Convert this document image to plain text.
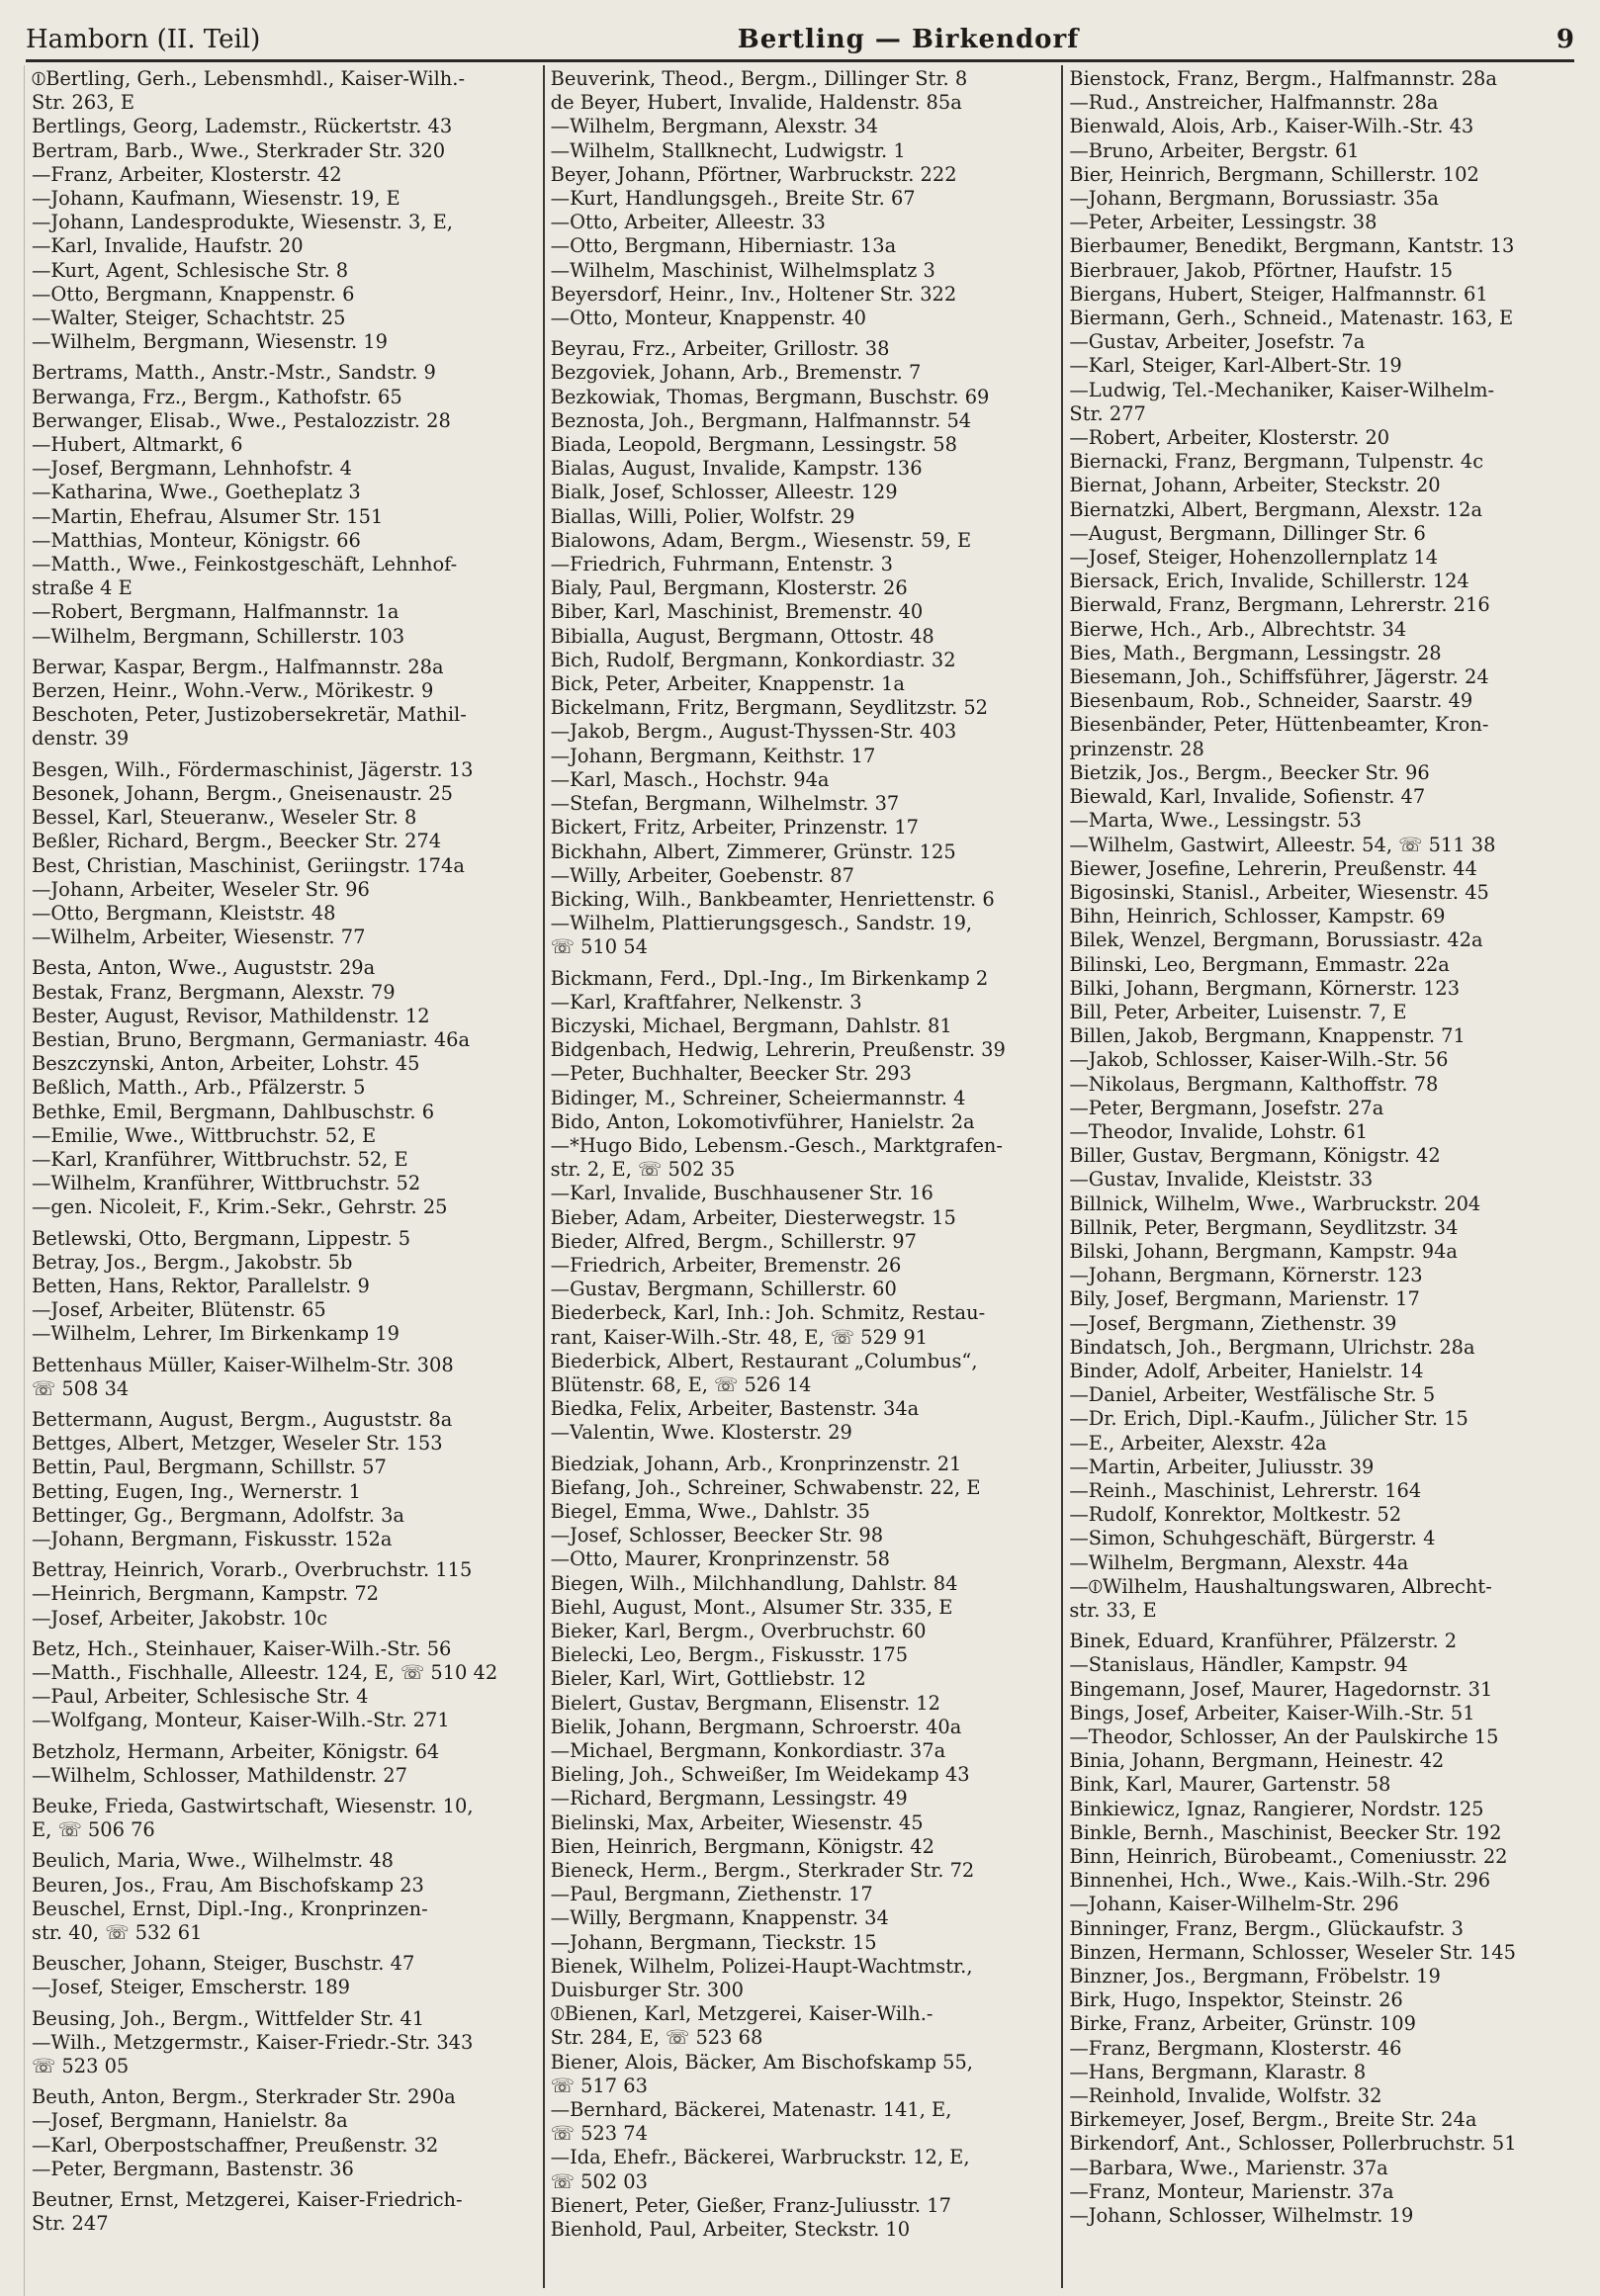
Hamborn (II. Teil)	Bertling — Birkendorf	9
⦶Bertling, Gerh., Lebensmhdl., Kaiser-Wilh.-
Str. 263, E
Bertlings, Georg, Lademstr., Rückertstr. 43
Bertram, Barb., Wwe., Sterkrader Str. 320
—Franz, Arbeiter, Klosterstr. 42
—Johann, Kaufmann, Wiesenstr. 19, E
—Johann, Landesprodukte, Wiesenstr. 3, E,
—Karl, Invalide, Haufstr. 20
—Kurt, Agent, Schlesische Str. 8
—Otto, Bergmann, Knappenstr. 6
—Walter, Steiger, Schachtstr. 25
—Wilhelm, Bergmann, Wiesenstr. 19
Bertrams, Matth., Anstr.-Mstr., Sandstr. 9
Berwanga, Frz., Bergm., Kathofstr. 65
Berwanger, Elisab., Wwe., Pestalozzistr. 28
—Hubert, Altmarkt, 6
—Josef, Bergmann, Lehnhofstr. 4
—Katharina, Wwe., Goetheplatz 3
—Martin, Ehefrau, Alsumer Str. 151
—Matthias, Monteur, Königstr. 66
—Matth., Wwe., Feinkostgeschäft, Lehnhof-
straße 4 E
—Robert, Bergmann, Halfmannstr. 1a
—Wilhelm, Bergmann, Schillerstr. 103
Berwar, Kaspar, Bergm., Halfmannstr. 28a
Berzen, Heinr., Wohn.-Verw., Mörikestr. 9
Beschoten, Peter, Justizobersekretär, Mathil-
denstr. 39
Besgen, Wilh., Fördermaschinist, Jägerstr. 13
Besonek, Johann, Bergm., Gneisenaustr. 25
Bessel, Karl, Steueranw., Weseler Str. 8
Beßler, Richard, Bergm., Beecker Str. 274
Best, Christian, Maschinist, Geriingstr. 174a
—Johann, Arbeiter, Weseler Str. 96
—Otto, Bergmann, Kleiststr. 48
—Wilhelm, Arbeiter, Wiesenstr. 77
Besta, Anton, Wwe., Auguststr. 29a
Bestak, Franz, Bergmann, Alexstr. 79
Bester, August, Revisor, Mathildenstr. 12
Bestian, Bruno, Bergmann, Germaniastr. 46a
Beszczynski, Anton, Arbeiter, Lohstr. 45
Beßlich, Matth., Arb., Pfälzerstr. 5
Bethke, Emil, Bergmann, Dahlbuschstr. 6
—Emilie, Wwe., Wittbruchstr. 52, E
—Karl, Kranführer, Wittbruchstr. 52, E
—Wilhelm, Kranführer, Wittbruchstr. 52
—gen. Nicoleit, F., Krim.-Sekr., Gehrstr. 25
Betlewski, Otto, Bergmann, Lippestr. 5
Betray, Jos., Bergm., Jakobstr. 5b
Betten, Hans, Rektor, Parallelstr. 9
—Josef, Arbeiter, Blütenstr. 65
—Wilhelm, Lehrer, Im Birkenkamp 19
Bettenhaus Müller, Kaiser-Wilhelm-Str. 308
☏ 508 34
Bettermann, August, Bergm., Auguststr. 8a
Bettges, Albert, Metzger, Weseler Str. 153
Bettin, Paul, Bergmann, Schillstr. 57
Betting, Eugen, Ing., Wernerstr. 1
Bettinger, Gg., Bergmann, Adolfstr. 3a
—Johann, Bergmann, Fiskusstr. 152a
Bettray, Heinrich, Vorarb., Overbruchstr. 115
—Heinrich, Bergmann, Kampstr. 72
—Josef, Arbeiter, Jakobstr. 10c
Betz, Hch., Steinhauer, Kaiser-Wilh.-Str. 56
—Matth., Fischhalle, Alleestr. 124, E, ☏ 510 42
—Paul, Arbeiter, Schlesische Str. 4
—Wolfgang, Monteur, Kaiser-Wilh.-Str. 271
Betzholz, Hermann, Arbeiter, Königstr. 64
—Wilhelm, Schlosser, Mathildenstr. 27
Beuke, Frieda, Gastwirtschaft, Wiesenstr. 10,
E, ☏ 506 76
Beulich, Maria, Wwe., Wilhelmstr. 48
Beuren, Jos., Frau, Am Bischofskamp 23
Beuschel, Ernst, Dipl.-Ing., Kronprinzen-
str. 40, ☏ 532 61
Beuscher, Johann, Steiger, Buschstr. 47
—Josef, Steiger, Emscherstr. 189
Beusing, Joh., Bergm., Wittfelder Str. 41
—Wilh., Metzgermstr., Kaiser-Friedr.-Str. 343
☏ 523 05
Beuth, Anton, Bergm., Sterkrader Str. 290a
—Josef, Bergmann, Hanielstr. 8a
—Karl, Oberpostschaffner, Preußenstr. 32
—Peter, Bergmann, Bastenstr. 36
Beutner, Ernst, Metzgerei, Kaiser-Friedrich-
Str. 247
Beuverink, Theod., Bergm., Dillinger Str. 8
de Beyer, Hubert, Invalide, Haldenstr. 85a
—Wilhelm, Bergmann, Alexstr. 34
—Wilhelm, Stallknecht, Ludwigstr. 1
Beyer, Johann, Pförtner, Warbruckstr. 222
—Kurt, Handlungsgeh., Breite Str. 67
—Otto, Arbeiter, Alleestr. 33
—Otto, Bergmann, Hiberniastr. 13a
—Wilhelm, Maschinist, Wilhelmsplatz 3
Beyersdorf, Heinr., Inv., Holtener Str. 322
—Otto, Monteur, Knappenstr. 40
Beyrau, Frz., Arbeiter, Grillostr. 38
Bezgoviek, Johann, Arb., Bremenstr. 7
Bezkowiak, Thomas, Bergmann, Buschstr. 69
Beznosta, Joh., Bergmann, Halfmannstr. 54
Biada, Leopold, Bergmann, Lessingstr. 58
Bialas, August, Invalide, Kampstr. 136
Bialk, Josef, Schlosser, Alleestr. 129
Biallas, Willi, Polier, Wolfstr. 29
Bialowons, Adam, Bergm., Wiesenstr. 59, E
—Friedrich, Fuhrmann, Entenstr. 3
Bialy, Paul, Bergmann, Klosterstr. 26
Biber, Karl, Maschinist, Bremenstr. 40
Bibialla, August, Bergmann, Ottostr. 48
Bich, Rudolf, Bergmann, Konkordiastr. 32
Bick, Peter, Arbeiter, Knappenstr. 1a
Bickelmann, Fritz, Bergmann, Seydlitzstr. 52
—Jakob, Bergm., August-Thyssen-Str. 403
—Johann, Bergmann, Keithstr. 17
—Karl, Masch., Hochstr. 94a
—Stefan, Bergmann, Wilhelmstr. 37
Bickert, Fritz, Arbeiter, Prinzenstr. 17
Bickhahn, Albert, Zimmerer, Grünstr. 125
—Willy, Arbeiter, Goebenstr. 87
Bicking, Wilh., Bankbeamter, Henriettenstr. 6
—Wilhelm, Plattierungsgesch., Sandstr. 19,
☏ 510 54
Bickmann, Ferd., Dpl.-Ing., Im Birkenkamp 2
—Karl, Kraftfahrer, Nelkenstr. 3
Biczyski, Michael, Bergmann, Dahlstr. 81
Bidgenbach, Hedwig, Lehrerin, Preußenstr. 39
—Peter, Buchhalter, Beecker Str. 293
Bidinger, M., Schreiner, Scheiermannstr. 4
Bido, Anton, Lokomotivführer, Hanielstr. 2a
—*Hugo Bido, Lebensm.-Gesch., Marktgrafen-
str. 2, E, ☏ 502 35
—Karl, Invalide, Buschhausener Str. 16
Bieber, Adam, Arbeiter, Diesterwegstr. 15
Bieder, Alfred, Bergm., Schillerstr. 97
—Friedrich, Arbeiter, Bremenstr. 26
—Gustav, Bergmann, Schillerstr. 60
Biederbeck, Karl, Inh.: Joh. Schmitz, Restau-
rant, Kaiser-Wilh.-Str. 48, E, ☏ 529 91
Biederbick, Albert, Restaurant „Columbus“,
Blütenstr. 68, E, ☏ 526 14
Biedka, Felix, Arbeiter, Bastenstr. 34a
—Valentin, Wwe. Klosterstr. 29
Biedziak, Johann, Arb., Kronprinzenstr. 21
Biefang, Joh., Schreiner, Schwabenstr. 22, E
Biegel, Emma, Wwe., Dahlstr. 35
—Josef, Schlosser, Beecker Str. 98
—Otto, Maurer, Kronprinzenstr. 58
Biegen, Wilh., Milchhandlung, Dahlstr. 84
Biehl, August, Mont., Alsumer Str. 335, E
Bieker, Karl, Bergm., Overbruchstr. 60
Bielecki, Leo, Bergm., Fiskusstr. 175
Bieler, Karl, Wirt, Gottliebstr. 12
Bielert, Gustav, Bergmann, Elisenstr. 12
Bielik, Johann, Bergmann, Schroerstr. 40a
—Michael, Bergmann, Konkordiastr. 37a
Bieling, Joh., Schweißer, Im Weidekamp 43
—Richard, Bergmann, Lessingstr. 49
Bielinski, Max, Arbeiter, Wiesenstr. 45
Bien, Heinrich, Bergmann, Königstr. 42
Bieneck, Herm., Bergm., Sterkrader Str. 72
—Paul, Bergmann, Ziethenstr. 17
—Willy, Bergmann, Knappenstr. 34
—Johann, Bergmann, Tieckstr. 15
Bienek, Wilhelm, Polizei-Haupt-Wachtmstr.,
Duisburger Str. 300
⦶Bienen, Karl, Metzgerei, Kaiser-Wilh.-
Str. 284, E, ☏ 523 68
Biener, Alois, Bäcker, Am Bischofskamp 55,
☏ 517 63
—Bernhard, Bäckerei, Matenastr. 141, E,
☏ 523 74
—Ida, Ehefr., Bäckerei, Warbruckstr. 12, E,
☏ 502 03
Bienert, Peter, Gießer, Franz-Juliusstr. 17
Bienhold, Paul, Arbeiter, Steckstr. 10
Bienstock, Franz, Bergm., Halfmannstr. 28a
—Rud., Anstreicher, Halfmannstr. 28a
Bienwald, Alois, Arb., Kaiser-Wilh.-Str. 43
—Bruno, Arbeiter, Bergstr. 61
Bier, Heinrich, Bergmann, Schillerstr. 102
—Johann, Bergmann, Borussiastr. 35a
—Peter, Arbeiter, Lessingstr. 38
Bierbaumer, Benedikt, Bergmann, Kantstr. 13
Bierbrauer, Jakob, Pförtner, Haufstr. 15
Biergans, Hubert, Steiger, Halfmannstr. 61
Biermann, Gerh., Schneid., Matenastr. 163, E
—Gustav, Arbeiter, Josefstr. 7a
—Karl, Steiger, Karl-Albert-Str. 19
—Ludwig, Tel.-Mechaniker, Kaiser-Wilhelm-
Str. 277
—Robert, Arbeiter, Klosterstr. 20
Biernacki, Franz, Bergmann, Tulpenstr. 4c
Biernat, Johann, Arbeiter, Steckstr. 20
Biernatzki, Albert, Bergmann, Alexstr. 12a
—August, Bergmann, Dillinger Str. 6
—Josef, Steiger, Hohenzollernplatz 14
Biersack, Erich, Invalide, Schillerstr. 124
Bierwald, Franz, Bergmann, Lehrerstr. 216
Bierwe, Hch., Arb., Albrechtstr. 34
Bies, Math., Bergmann, Lessingstr. 28
Biesemann, Joh., Schiffsführer, Jägerstr. 24
Biesenbaum, Rob., Schneider, Saarstr. 49
Biesenbänder, Peter, Hüttenbeamter, Kron-
prinzenstr. 28
Bietzik, Jos., Bergm., Beecker Str. 96
Biewald, Karl, Invalide, Sofienstr. 47
—Marta, Wwe., Lessingstr. 53
—Wilhelm, Gastwirt, Alleestr. 54, ☏ 511 38
Biewer, Josefine, Lehrerin, Preußenstr. 44
Bigosinski, Stanisl., Arbeiter, Wiesenstr. 45
Bihn, Heinrich, Schlosser, Kampstr. 69
Bilek, Wenzel, Bergmann, Borussiastr. 42a
Bilinski, Leo, Bergmann, Emmastr. 22a
Bilki, Johann, Bergmann, Körnerstr. 123
Bill, Peter, Arbeiter, Luisenstr. 7, E
Billen, Jakob, Bergmann, Knappenstr. 71
—Jakob, Schlosser, Kaiser-Wilh.-Str. 56
—Nikolaus, Bergmann, Kalthoffstr. 78
—Peter, Bergmann, Josefstr. 27a
—Theodor, Invalide, Lohstr. 61
Biller, Gustav, Bergmann, Königstr. 42
—Gustav, Invalide, Kleiststr. 33
Billnick, Wilhelm, Wwe., Warbruckstr. 204
Billnik, Peter, Bergmann, Seydlitzstr. 34
Bilski, Johann, Bergmann, Kampstr. 94a
—Johann, Bergmann, Körnerstr. 123
Bily, Josef, Bergmann, Marienstr. 17
—Josef, Bergmann, Ziethenstr. 39
Bindatsch, Joh., Bergmann, Ulrichstr. 28a
Binder, Adolf, Arbeiter, Hanielstr. 14
—Daniel, Arbeiter, Westfälische Str. 5
—Dr. Erich, Dipl.-Kaufm., Jülicher Str. 15
—E., Arbeiter, Alexstr. 42a
—Martin, Arbeiter, Juliusstr. 39
—Reinh., Maschinist, Lehrerstr. 164
—Rudolf, Konrektor, Moltkestr. 52
—Simon, Schuhgeschäft, Bürgerstr. 4
—Wilhelm, Bergmann, Alexstr. 44a
—⦶Wilhelm, Haushaltungswaren, Albrecht-
str. 33, E
Binek, Eduard, Kranführer, Pfälzerstr. 2
—Stanislaus, Händler, Kampstr. 94
Bingemann, Josef, Maurer, Hagedornstr. 31
Bings, Josef, Arbeiter, Kaiser-Wilh.-Str. 51
—Theodor, Schlosser, An der Paulskirche 15
Binia, Johann, Bergmann, Heinestr. 42
Bink, Karl, Maurer, Gartenstr. 58
Binkiewicz, Ignaz, Rangierer, Nordstr. 125
Binkle, Bernh., Maschinist, Beecker Str. 192
Binn, Heinrich, Bürobeamt., Comeniusstr. 22
Binnenhei, Hch., Wwe., Kais.-Wilh.-Str. 296
—Johann, Kaiser-Wilhelm-Str. 296
Binninger, Franz, Bergm., Glückaufstr. 3
Binzen, Hermann, Schlosser, Weseler Str. 145
Binzner, Jos., Bergmann, Fröbelstr. 19
Birk, Hugo, Inspektor, Steinstr. 26
Birke, Franz, Arbeiter, Grünstr. 109
—Franz, Bergmann, Klosterstr. 46
—Hans, Bergmann, Klarastr. 8
—Reinhold, Invalide, Wolfstr. 32
Birkemeyer, Josef, Bergm., Breite Str. 24a
Birkendorf, Ant., Schlosser, Pollerbruchstr. 51
—Barbara, Wwe., Marienstr. 37a
—Franz, Monteur, Marienstr. 37a
—Johann, Schlosser, Wilhelmstr. 19
